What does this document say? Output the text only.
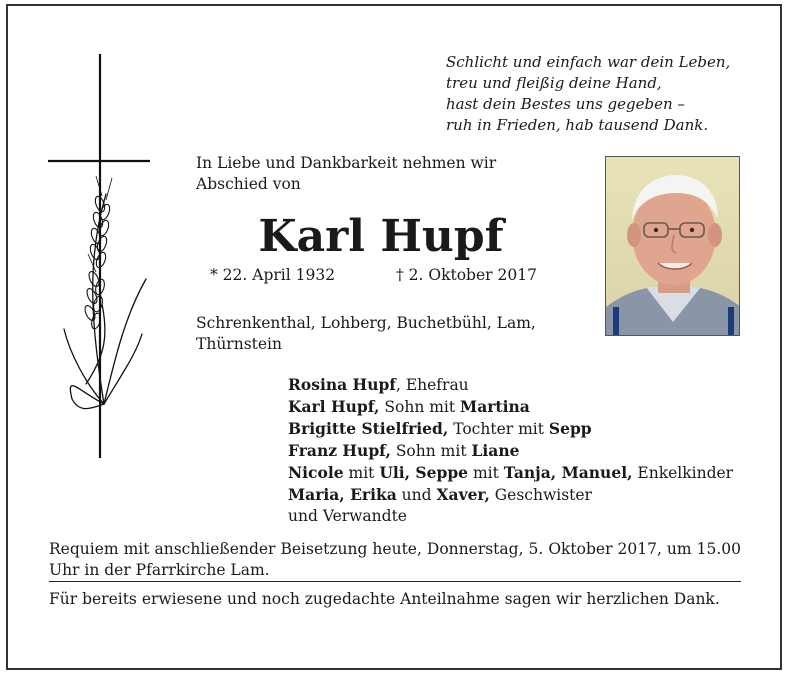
Schlicht und einfach war dein Leben,
treu und fleißig deine Hand,
hast dein Bestes uns gegeben –
ruh in Frieden, hab tausend Dank.
In Liebe und Dankbarkeit nehmen wir Abschied von
Karl Hupf
* 22. April 1932	† 2. Oktober 2017
Schrenkenthal, Lohberg, Buchetbühl, Lam, Thürnstein
Rosina Hupf, Ehefrau
Karl Hupf, Sohn mit Martina
Brigitte Stielfried, Tochter mit Sepp
Franz Hupf, Sohn mit Liane
Nicole mit Uli, Seppe mit Tanja, Manuel, Enkelkinder
Maria, Erika und Xaver, Geschwister
und Verwandte
Requiem mit anschließender Beisetzung heute, Donnerstag, 5. Oktober 2017, um 15.00 Uhr in der Pfarrkirche Lam.
Für bereits erwiesene und noch zugedachte Anteilnahme sagen wir herzlichen Dank.
